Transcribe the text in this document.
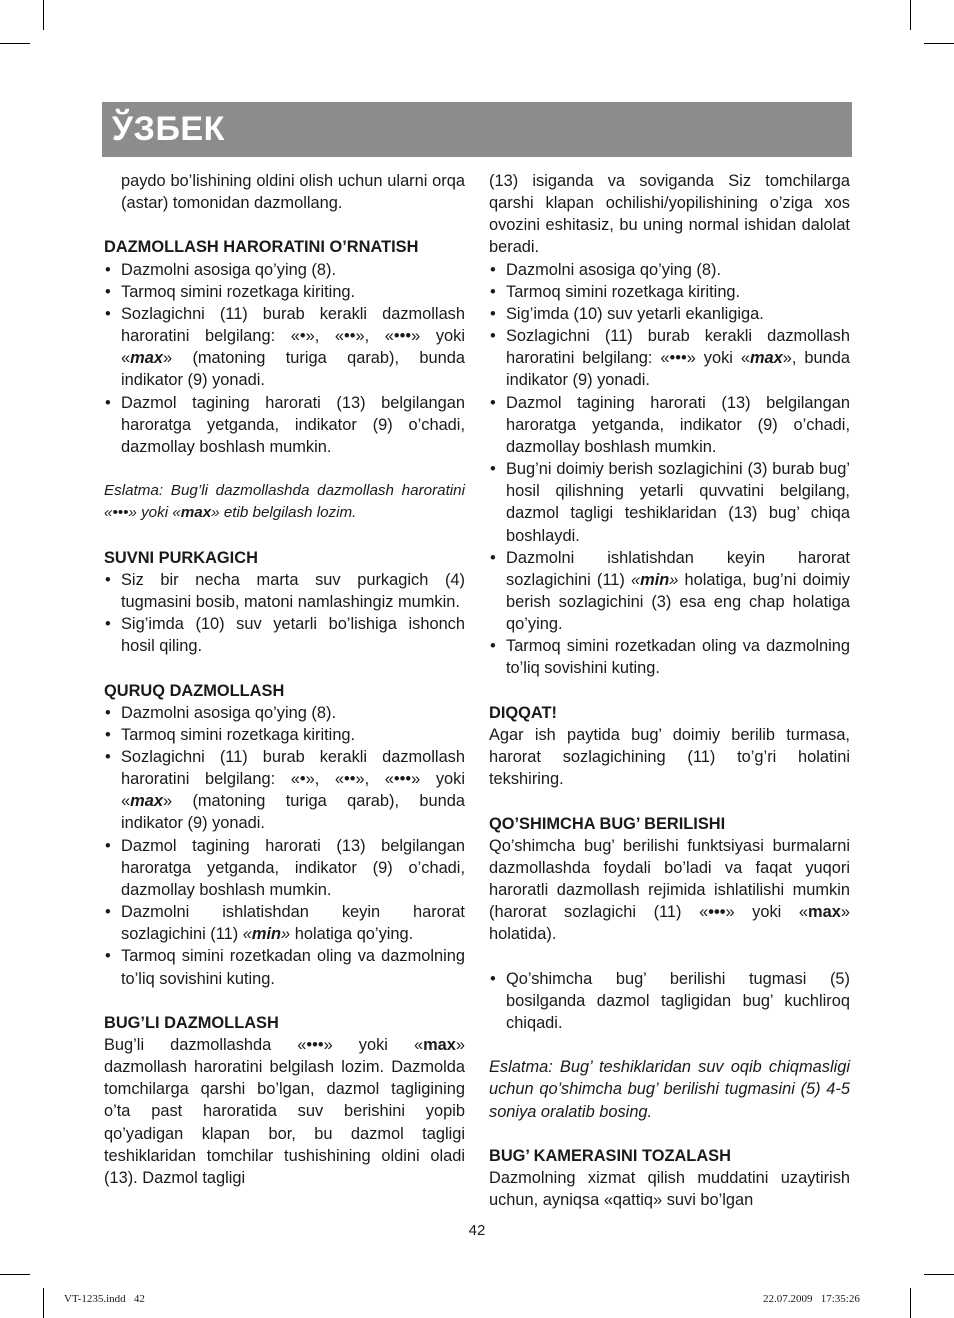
ЎЗБЕК

paydo bo’lishining oldini olish uchun ularni orqa (astar) tomonidan dazmollang.

DAZMOLLASH HARORATINI O’RNATISH
• Dazmolni asosiga qo’ying (8).
• Tarmoq simini rozetkaga kiriting.
• Sozlagichni (11) burab kerakli dazmollash haroratini belgilang: «•», «••», «•••» yoki «max» (matoning turiga qarab), bunda indikator (9) yonadi.
• Dazmol tagining harorati (13) belgilangan haroratga yetganda, indikator (9) o’chadi, dazmollay boshlash mumkin.

Eslatma: Bug’li dazmollashda dazmollash haroratini «•••» yoki «max» etib belgilash lozim.

SUVNI PURKAGICH
• Siz bir necha marta suv purkagich (4) tugmasini bosib, matoni namlashingiz mumkin.
• Sig’imda (10) suv yetarli bo’lishiga ishonch hosil qiling.
QURUQ DAZMOLLASH
• Dazmolni asosiga qo’ying (8).
• Tarmoq simini rozetkaga kiriting.
• Sozlagichni (11) burab kerakli dazmollash haroratini belgilang: «•», «••», «•••» yoki «max» (matoning turiga qarab), bunda indikator (9) yonadi.
• Dazmol tagining harorati (13) belgilangan haroratga yetganda, indikator (9) o’chadi, dazmollay boshlash mumkin.
• Dazmolni ishlatishdan keyin harorat sozlagichini (11) «min» holatiga qo’ying.
• Tarmoq simini rozetkadan oling va dazmolning to’liq sovishini kuting.
BUG’LI DAZMOLLASH

Bug’li dazmollashda «•••» yoki «max» dazmollash haroratini belgilash lozim. Dazmolda tomchilarga qarshi bo’lgan, dazmol tagligining o’ta past haroratida suv berishini yopib qo’yadigan klapan bor, bu dazmol tagligi teshiklaridan tomchilar tushishining oldini oladi (13). Dazmol tagligi

(13) isiganda va soviganda Siz tomchilarga qarshi klapan ochilishi/yopilishining o’ziga xos ovozini eshitasiz, bu uning normal ishidan dalolat beradi.

• Dazmolni asosiga qo’ying (8).
• Tarmoq simini rozetkaga kiriting.
• Sig’imda (10) suv yetarli ekanligiga.
• Sozlagichni (11) burab kerakli dazmollash haroratini belgilang: «•••» yoki «max», bunda indikator (9) yonadi.
• Dazmol tagining harorati (13) belgilangan haroratga yetganda, indikator (9) o’chadi, dazmollay boshlash mumkin.
• Bug’ni doimiy berish sozlagichini (3) burab bug’ hosil qilishning yetarli quvvatini belgilang, dazmol tagligi teshiklaridan (13) bug’ chiqa boshlaydi.
• Dazmolni ishlatishdan keyin harorat sozlagichini (11) «min» holatiga, bug’ni doimiy berish sozlagichini (3) esa eng chap holatiga qo’ying.
• Tarmoq simini rozetkadan oling va dazmolning to’liq sovishini kuting.
DIQQAT!

Agar ish paytida bug’ doimiy berilib turmasa, harorat sozlagichining (11) to’g’ri holatini tekshiring.

QO’SHIMCHA BUG’ BERILISHI

Qo’shimcha bug’ berilishi funktsiyasi burmalarni dazmollashda foydali bo’ladi va faqat yuqori haroratli dazmollash rejimida ishlatilishi mumkin (harorat sozlagichi (11) «•••» yoki «max» holatida).

• Qo’shimcha bug’ berilishi tugmasi (5) bosilganda dazmol tagligidan bug’ kuchliroq chiqadi.

Eslatma: Bug’ teshiklaridan suv oqib chiqmasligi uchun qo’shimcha bug’ berilishi tugmasini (5) 4-5 soniya oralatib bosing.

BUG’ KAMERASINI TOZALASH

Dazmolning xizmat qilish muddatini uzaytirish uchun, ayniqsa «qattiq» suvi bo’lgan

42
VT-1235.indd   42	22.07.2009   17:35:26
